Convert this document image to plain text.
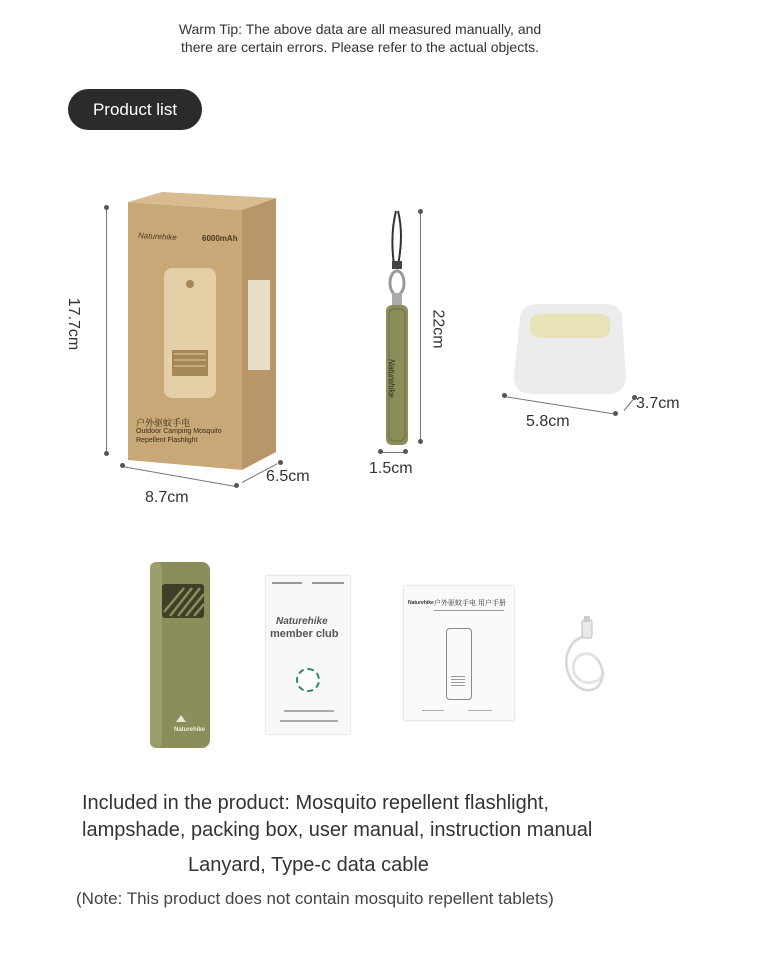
Warm Tip: The above data are all measured manually, and
there are certain errors. Please refer to the actual objects.
Product list
Naturehike	6000mAh
户外驱蚊手电
Outdoor Camping Mosquito
Repellent Flashlight
17.7cm
8.7cm
6.5cm
Naturehike
22cm
1.5cm
5.8cm
3.7cm
Naturehike
Naturehike
member club
Naturehike 户外驱蚊手电 用户手册
Included in the product: Mosquito repellent flashlight,
lampshade, packing box, user manual, instruction manual
Lanyard, Type-c data cable
(Note: This product does not contain mosquito repellent tablets)
